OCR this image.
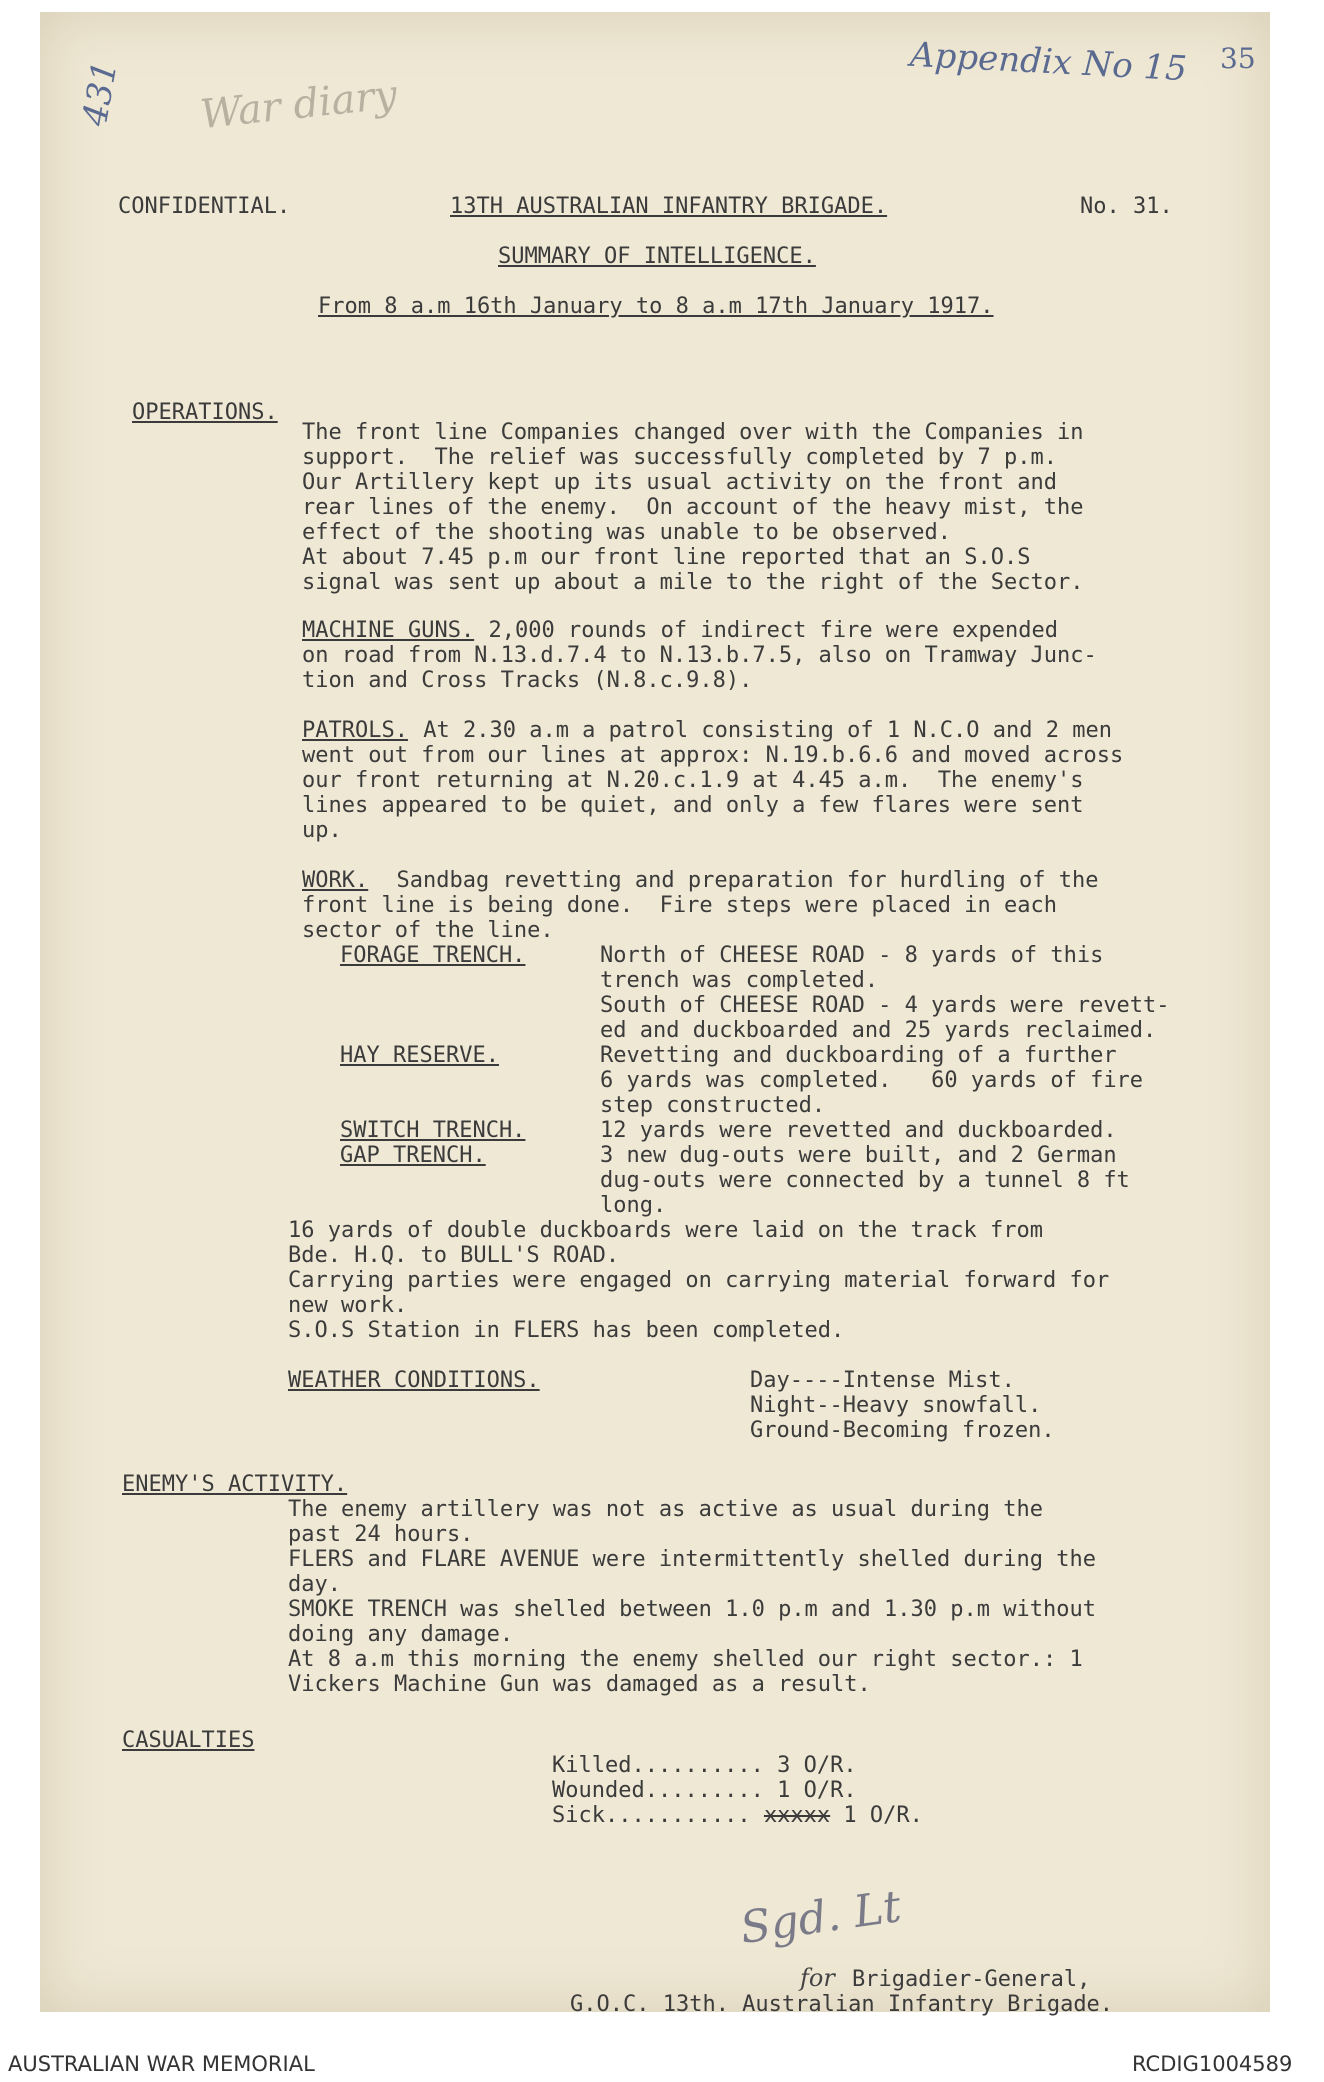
431 War diary
Appendix No 15 35
CONFIDENTIAL.	13TH AUSTRALIAN INFANTRY BRIGADE.	No. 31.
SUMMARY OF INTELLIGENCE.
From 8 a.m 16th January to 8 a.m 17th January 1917.
OPERATIONS.
The front line Companies changed over with the Companies in
support.  The relief was successfully completed by 7 p.m.
Our Artillery kept up its usual activity on the front and
rear lines of the enemy.  On account of the heavy mist, the
effect of the shooting was unable to be observed.
At about 7.45 p.m our front line reported that an S.O.S
signal was sent up about a mile to the right of the Sector.
MACHINE GUNS.
2,000 rounds of indirect fire were expended
on road from N.13.d.7.4 to N.13.b.7.5, also on Tramway Junc-
tion and Cross Tracks (N.8.c.9.8).
PATROLS. At 2.30 a.m a patrol consisting of 1 N.C.O and 2 men
went out from our lines at approx: N.19.b.6.6 and moved across
our front returning at N.20.c.1.9 at 4.45 a.m.  The enemy's
lines appeared to be quiet, and only a few flares were sent
up.
WORK. Sandbag revetting and preparation for hurdling of the
front line is being done.  Fire steps were placed in each
sector of the line.
FORAGE TRENCH.	North of CHEESE ROAD - 8 yards of this
trench was completed.
South of CHEESE ROAD - 4 yards were revett-
ed and duckboarded and 25 yards reclaimed.
HAY RESERVE.	Revetting and duckboarding of a further
6 yards was completed.   60 yards of fire
step constructed.
SWITCH TRENCH.	12 yards were revetted and duckboarded.
GAP TRENCH.	3 new dug-outs were built, and 2 German
dug-outs were connected by a tunnel 8 ft
long.
16 yards of double duckboards were laid on the track from
Bde. H.Q. to BULL'S ROAD.
Carrying parties were engaged on carrying material forward for
new work.
S.O.S Station in FLERS has been completed.
WEATHER CONDITIONS.	Day----Intense Mist.
Night--Heavy snowfall.
Ground-Becoming frozen.
ENEMY'S ACTIVITY.
The enemy artillery was not as active as usual during the
past 24 hours.
FLERS and FLARE AVENUE were intermittently shelled during the
day.
SMOKE TRENCH was shelled between 1.0 p.m and 1.30 p.m without
doing any damage.
At 8 a.m this morning the enemy shelled our right sector.: 1
Vickers Machine Gun was damaged as a result.
CASUALTIES
Killed.......... 3 O/R.
Wounded......... 1 O/R.
Sick........... xxxxx 1 O/R.
Sgd. Lt
for Brigadier-General,
G.O.C. 13th. Australian Infantry Brigade.
AUSTRALIAN WAR MEMORIAL	RCDIG1004589
